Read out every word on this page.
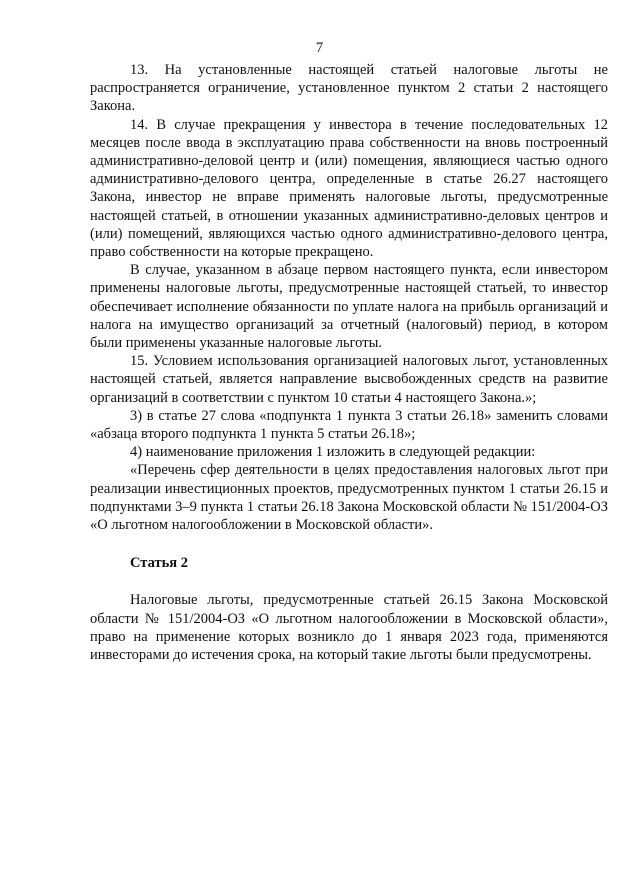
7

13. На установленные настоящей статьей налоговые льготы не распространяется ограничение, установленное пунктом 2 статьи 2 настоящего Закона.

14. В случае прекращения у инвестора в течение последовательных 12 месяцев после ввода в эксплуатацию права собственности на вновь построенный административно-деловой центр и (или) помещения, являющиеся частью одного административно-делового центра, определенные в статье 26.27 настоящего Закона, инвестор не вправе применять налоговые льготы, предусмотренные настоящей статьей, в отношении указанных административно-деловых центров и (или) помещений, являющихся частью одного административно-делового центра, право собственности на которые прекращено.

В случае, указанном в абзаце первом настоящего пункта, если инвестором применены налоговые льготы, предусмотренные настоящей статьей, то инвестор обеспечивает исполнение обязанности по уплате налога на прибыль организаций и налога на имущество организаций за отчетный (налоговый) период, в котором были применены указанные налоговые льготы.

15. Условием использования организацией налоговых льгот, установленных настоящей статьей, является направление высвобожденных средств на развитие организаций в соответствии с пунктом 10 статьи 4 настоящего Закона.»;

3) в статье 27 слова «подпункта 1 пункта 3 статьи 26.18» заменить словами «абзаца второго подпункта 1 пункта 5 статьи 26.18»;

4) наименование приложения 1 изложить в следующей редакции:

«Перечень сфер деятельности в целях предоставления налоговых льгот при реализации инвестиционных проектов, предусмотренных пунктом 1 статьи 26.15 и подпунктами 3–9 пункта 1 статьи 26.18 Закона Московской области № 151/2004-ОЗ «О льготном налогообложении в Московской области».

Статья 2

Налоговые льготы, предусмотренные статьей 26.15 Закона Московской области № 151/2004-ОЗ «О льготном налогообложении в Московской области», право на применение которых возникло до 1 января 2023 года, применяются инвесторами до истечения срока, на который такие льготы были предусмотрены.
